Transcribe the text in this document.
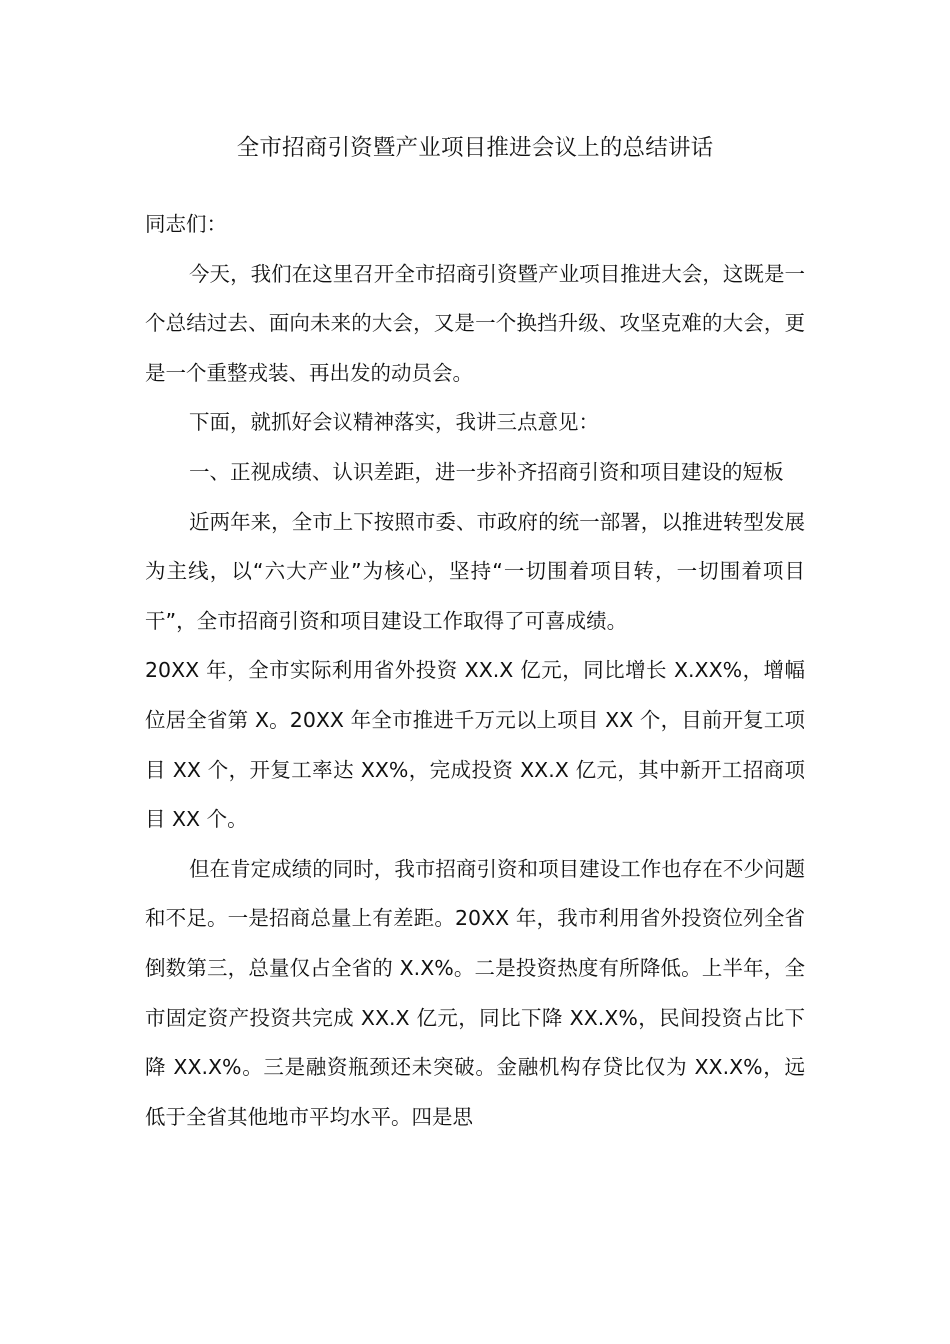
全市招商引资暨产业项目推进会议上的总结讲话

同志们：

今天，我们在这里召开全市招商引资暨产业项目推进大会，这既是一个总结过去、面向未来的大会，又是一个换挡升级、攻坚克难的大会，更是一个重整戎装、再出发的动员会。

下面，就抓好会议精神落实，我讲三点意见：

一、正视成绩、认识差距，进一步补齐招商引资和项目建设的短板

近两年来，全市上下按照市委、市政府的统一部署，以推进转型发展为主线，以“六大产业”为核心，坚持“一切围着项目转，一切围着项目干”，全市招商引资和项目建设工作取得了可喜成绩。

20XX 年，全市实际利用省外投资 XX.X 亿元，同比增长 X.XX%，增幅位居全省第 X。20XX 年全市推进千万元以上项目 XX 个，目前开复工项目 XX 个，开复工率达 XX%，完成投资 XX.X 亿元，其中新开工招商项目 XX 个。

但在肯定成绩的同时，我市招商引资和项目建设工作也存在不少问题和不足。一是招商总量上有差距。20XX 年，我市利用省外投资位列全省倒数第三，总量仅占全省的 X.X%。二是投资热度有所降低。上半年，全市固定资产投资共完成 XX.X 亿元，同比下降 XX.X%，民间投资占比下降 XX.X%。三是融资瓶颈还未突破。金融机构存贷比仅为 XX.X%，远低于全省其他地市平均水平。四是思
